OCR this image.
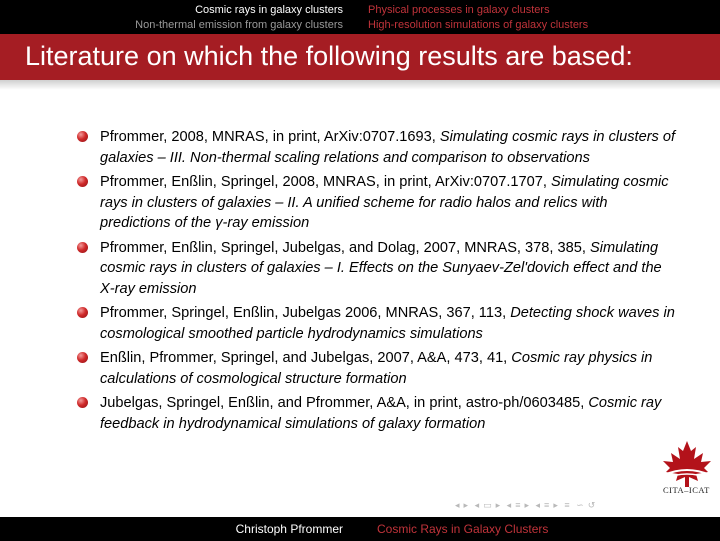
Cosmic rays in galaxy clusters
Non-thermal emission from galaxy clusters
Physical processes in galaxy clusters
High-resolution simulations of galaxy clusters
Literature on which the following results are based:
Pfrommer, 2008, MNRAS, in print, ArXiv:0707.1693, Simulating cosmic rays in clusters of galaxies – III. Non-thermal scaling relations and comparison to observations
Pfrommer, Enßlin, Springel, 2008, MNRAS, in print, ArXiv:0707.1707, Simulating cosmic rays in clusters of galaxies – II. A unified scheme for radio halos and relics with predictions of the γ-ray emission
Pfrommer, Enßlin, Springel, Jubelgas, and Dolag, 2007, MNRAS, 378, 385, Simulating cosmic rays in clusters of galaxies – I. Effects on the Sunyaev-Zel'dovich effect and the X-ray emission
Pfrommer, Springel, Enßlin, Jubelgas 2006, MNRAS, 367, 113, Detecting shock waves in cosmological smoothed particle hydrodynamics simulations
Enßlin, Pfrommer, Springel, and Jubelgas, 2007, A&A, 473, 41, Cosmic ray physics in calculations of cosmological structure formation
Jubelgas, Springel, Enßlin, and Pfrommer, A&A, in print, astro-ph/0603485, Cosmic ray feedback in hydrodynamical simulations of galaxy formation
CITA–ICAT
◂ ▸ ◂ ▭ ▸ ◂ ≡ ▸ ◂ ≡ ▸ ≡ ∽ ↺
Christoph Pfrommer	Cosmic Rays in Galaxy Clusters
